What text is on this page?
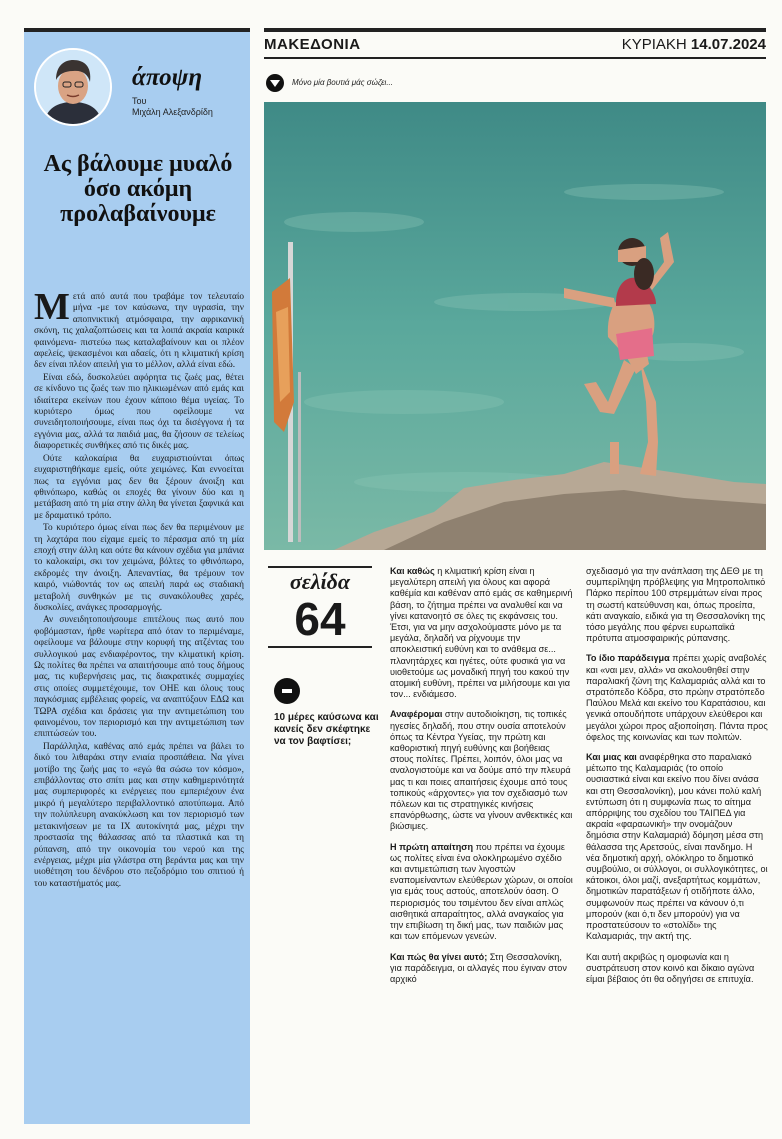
άποψη
Του
Μιχάλη Αλεξανδρίδη
Ας βάλουμε μυαλό όσο ακόμη προλαβαίνουμε

Μετά από αυτά που τραβάμε τον τελευταίο μήνα -με τον καύσωνα, την υγρασία, την αποπνικτική ατμόσφαιρα, την αφρικανική σκόνη, τις χαλαζοπτώσεις και τα λοιπά ακραία καιρικά φαινόμενα- πιστεύω πως καταλαβαίνουν και οι πλέον αφελείς, ψεκασμένοι και αδαείς, ότι η κλιματική κρίση δεν είναι πλέον απειλή για το μέλλον, αλλά είναι εδώ.

Είναι εδώ, δυσκολεύει αφόρητα τις ζωές μας, θέτει σε κίνδυνο τις ζωές των πιο ηλικιωμένων από εμάς και ιδιαίτερα εκείνων που έχουν κάποιο θέμα υγείας. Το κυριότερο όμως που οφείλουμε να συνειδητοποιήσουμε, είναι πως όχι τα δισέγγονα ή τα εγγόνια μας, αλλά τα παιδιά μας, θα ζήσουν σε τελείως διαφορετικές συνθήκες από τις δικές μας.

Ούτε καλοκαίρια θα ευχαριστιούνται όπως ευχαριστηθήκαμε εμείς, ούτε χειμώνες. Και εννοείται πως τα εγγόνια μας δεν θα ξέρουν άνοιξη και φθινόπωρο, καθώς οι εποχές θα γίνουν δύο και η μετάβαση από τη μία στην άλλη θα γίνεται ξαφνικά και με δραματικό τρόπο.

Το κυριότερο όμως είναι πως δεν θα περιμένουν με τη λαχτάρα που είχαμε εμείς το πέρασμα από τη μία εποχή στην άλλη και ούτε θα κάνουν σχέδια για μπάνια το καλοκαίρι, σκι τον χειμώνα, βόλτες το φθινόπωρο, εκδρομές την άνοιξη. Απεναντίας, θα τρέμουν τον καιρό, νιώθοντάς τον ως απειλή παρά ως σταδιακή μεταβολή συνθηκών με τις συνακόλουθες χαρές, δυσκολίες, ανάγκες προσαρμογής.

Αν συνειδητοποιήσουμε επιτέλους πως αυτό που φοβόμασταν, ήρθε νωρίτερα από όταν το περιμέναμε, οφείλουμε να βάλουμε στην κορυφή της ατζέντας του συλλογικού μας ενδιαφέροντος, την κλιματική κρίση. Ως πολίτες θα πρέπει να απαιτήσουμε από τους δήμους μας, τις κυβερνήσεις μας, τις διακρατικές συμμαχίες στις οποίες συμμετέχουμε, τον ΟΗΕ και όλους τους παγκόσμιας εμβέλειας φορείς, να αναπτύξουν ΕΔΩ και ΤΩΡΑ σχέδια και δράσεις για την αντιμετώπιση του φαινομένου, τον περιορισμό και την αντιμετώπιση των επιπτώσεών του.

Παράλληλα, καθένας από εμάς πρέπει να βάλει το δικό του λιθαράκι στην ενιαία προσπάθεια. Να γίνει μοτίβο της ζωής μας το «εγώ θα σώσω τον κόσμο», επιβάλλοντας στο σπίτι μας και στην καθημερινότητά μας συμπεριφορές κι ενέργειες που εμπεριέχουν ένα μικρό ή μεγαλύτερο περιβαλλοντικό αποτύπωμα. Από την πολύπλευρη ανακύκλωση και τον περιορισμό των μετακινήσεων με τα IX αυτοκίνητά μας, μέχρι την προστασία της θάλασσας από τα πλαστικά και τη ρύπανση, από την οικονομία του νερού και της ενέργειας, μέχρι μία γλάστρα στη βεράντα μας και την υιοθέτηση του δένδρου στο πεζοδρόμιο του σπιτιού ή του καταστήματός μας.

ΜΑΚΕΔΟΝΙΑ	ΚΥΡΙΑΚΗ 14.07.2024
Μόνο μία βουτιά μάς σώζει...
σελίδα
64
10 μέρες καύσωνα και κανείς δεν σκέφτηκε να τον βαφτίσει;

Και καθώς η κλιματική κρίση είναι η μεγαλύτερη απειλή για όλους και αφορά καθέμία και καθέναν από εμάς σε καθημερινή βάση, το ζήτημα πρέπει να αναλυθεί και να γίνει κατανοητό σε όλες τις εκφάνσεις του. Έτσι, για να μην ασχολούμαστε μόνο με τα μεγάλα, δηλαδή να ρίχνουμε την αποκλειστική ευθύνη και το ανάθεμα σε... πλανητάρχες και ηγέτες, ούτε φυσικά για να υιοθετούμε ως μοναδική πηγή του κακού την ατομική ευθύνη, πρέπει να μιλήσουμε και για τον... ενδιάμεσο.

Αναφέρομαι στην αυτοδιοίκηση, τις τοπικές ηγεσίες δηλαδή, που στην ουσία αποτελούν όπως τα Κέντρα Υγείας, την πρώτη και καθοριστική πηγή ευθύνης και βοήθειας στους πολίτες. Πρέπει, λοιπόν, όλοι μας να αναλογιστούμε και να δούμε από την πλευρά μας τι και ποιες απαιτήσεις έχουμε από τους τοπικούς «άρχοντες» για τον σχεδιασμό των πόλεων και τις στρατηγικές κινήσεις επανόρθωσης, ώστε να γίνουν ανθεκτικές και βιώσιμες.

Η πρώτη απαίτηση που πρέπει να έχουμε ως πολίτες είναι ένα ολοκληρωμένο σχέδιο και αντιμετώπιση των λιγοστών εναπομείναντων ελεύθερων χώρων, οι οποίοι για εμάς τους αστούς, αποτελούν όαση. Ο περιορισμός του τσιμέντου δεν είναι απλώς αισθητικά απαραίτητος, αλλά αναγκαίος για την επιβίωση τη δική μας, των παιδιών μας και των επόμενων γενεών.

Και πώς θα γίνει αυτό; Στη Θεσσαλονίκη, για παράδειγμα, οι αλλαγές που έγιναν στον αρχικό

σχεδιασμό για την ανάπλαση της ΔΕΘ με τη συμπερίληψη πρόβλεψης για Μητροπολιτικό Πάρκο περίπου 100 στρεμμάτων είναι προς τη σωστή κατεύθυνση και, όπως προείπα, κάτι αναγκαίο, ειδικά για τη Θεσσαλονίκη της τόσο μεγάλης που φέρνει ευρωπαϊκά πρότυπα ατμοσφαιρικής ρύπανσης.

Το ίδιο παράδειγμα πρέπει χωρίς αναβολές και «ναι μεν, αλλά» να ακολουθηθεί στην παραλιακή ζώνη της Καλαμαριάς αλλά και το στρατόπεδο Κόδρα, στο πρώην στρατόπεδο Παύλου Μελά και εκείνο του Καρατάσιου, και γενικά οπουδήποτε υπάρχουν ελεύθεροι και μεγάλοι χώροι προς αξιοποίηση. Πάντα προς όφελος της κοινωνίας και των πολιτών.

Και μιας και αναφέρθηκα στο παραλιακό μέτωπο της Καλαμαριάς (το οποίο ουσιαστικά είναι και εκείνο που δίνει ανάσα και στη Θεσσαλονίκη), μου κάνει πολύ καλή εντύπωση ότι η συμφωνία πως το αίτημα απόρριψης του σχεδίου του ΤΑΙΠΕΔ για ακραία «φαραωνική» την ονομάζουν δημόσια στην Καλαμαριά) δόμηση μέσα στη θάλασσα της Αρετσούς, είναι πανδημο. Η νέα δημοτική αρχή, ολόκληρο το δημοτικό συμβούλιο, οι σύλλογοι, οι συλλογικότητες, οι κάτοικοι, όλοι μαζί, ανεξαρτήτως κομμάτων, δημοτικών παρατάξεων ή οτιδήποτε άλλο, συμφωνούν πως πρέπει να κάνουν ό,τι μπορούν (και ό,τι δεν μπορούν) για να προστατεύσουν το «στολίδι» της Καλαμαριάς, την ακτή της.

Και αυτή ακριβώς η ομοφωνία και η συστράτευση στον κοινό και δίκαιο αγώνα είμαι βέβαιος ότι θα οδηγήσει σε επιτυχία.
